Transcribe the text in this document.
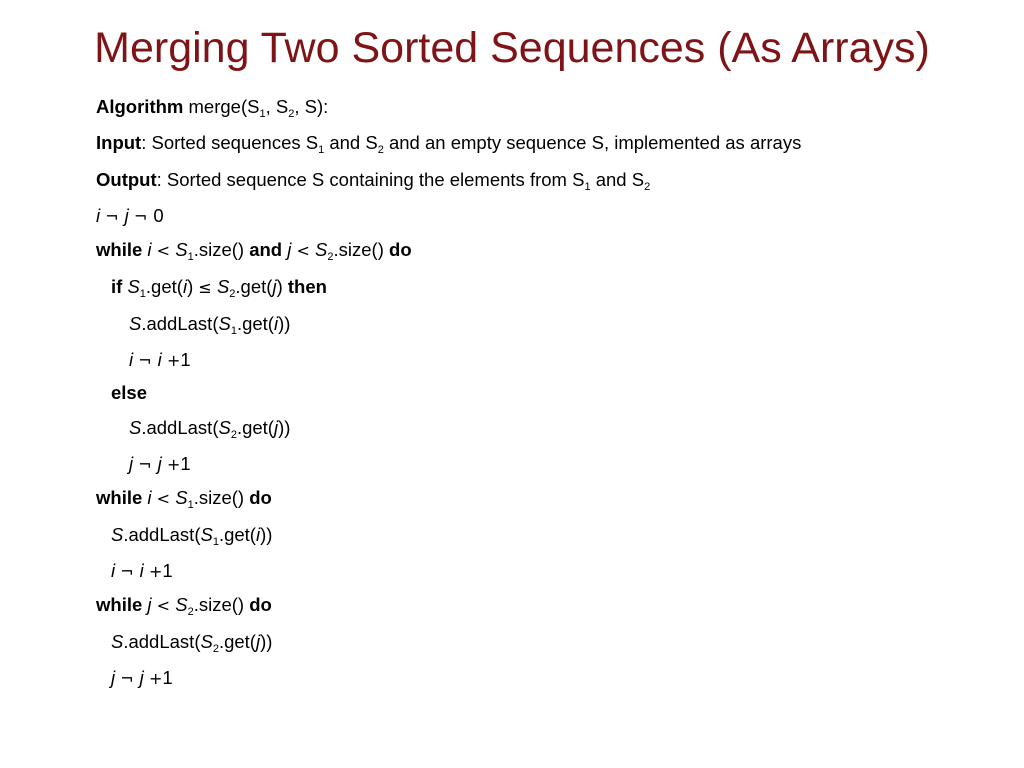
Merging Two Sorted Sequences (As Arrays)
Algorithm $merge(S_1$, $S_2$, S):
Input: Sorted sequences $S_1$ and $S_2$ and an empty sequence S, implemented as arrays
Output: Sorted sequence S containing the elements from $S_1$ and $S_2$
i ¬ j ¬ 0
while $i < S_1.size()$ and $j < S_2.size()$ do
if $S_1.get(i) \le S_2.get(j)$ then
$S.addLast(S_1.get(i))$
i ¬ i +1
else
$S.addLast(S_2.get(j))$
j ¬ j +1
while $i < S_1.size()$ do
$S.addLast(S_1.get(i))$
i ¬ i +1
while $j < S_2.size()$ do
$S.addLast(S_2.get(j))$
j ¬ j +1
